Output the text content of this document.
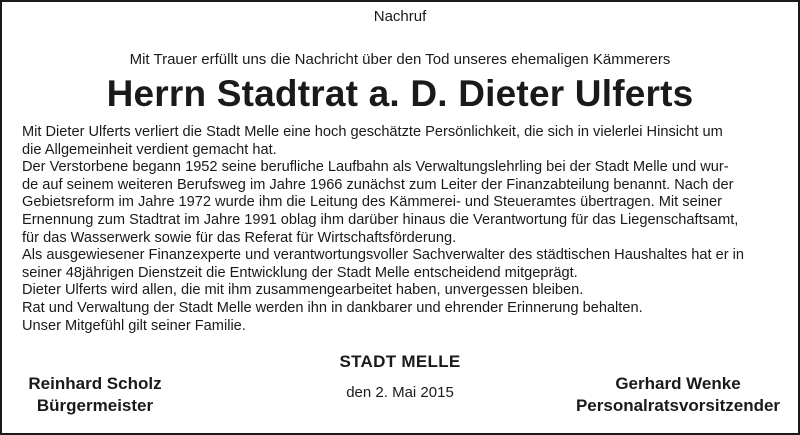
Nachruf
Mit Trauer erfüllt uns die Nachricht über den Tod unseres ehemaligen Kämmerers
Herrn Stadtrat a. D. Dieter Ulferts
Mit Dieter Ulferts verliert die Stadt Melle eine hoch geschätzte Persönlichkeit, die sich in vielerlei Hinsicht um
die Allgemeinheit verdient gemacht hat.
Der Verstorbene begann 1952 seine berufliche Laufbahn als Verwaltungslehrling bei der Stadt Melle und wur-
de auf seinem weiteren Berufsweg im Jahre 1966 zunächst zum Leiter der Finanzabteilung benannt. Nach der
Gebietsreform im Jahre 1972 wurde ihm die Leitung des Kämmerei- und Steueramtes übertragen. Mit seiner
Ernennung zum Stadtrat im Jahre 1991 oblag ihm darüber hinaus die Verantwortung für das Liegenschaftsamt,
für das Wasserwerk sowie für das Referat für Wirtschaftsförderung.
Als ausgewiesener Finanzexperte und verantwortungsvoller Sachverwalter des städtischen Haushaltes hat er in
seiner 48jährigen Dienstzeit die Entwicklung der Stadt Melle entscheidend mitgeprägt.
Dieter Ulferts wird allen, die mit ihm zusammengearbeitet haben, unvergessen bleiben.
Rat und Verwaltung der Stadt Melle werden ihn in dankbarer und ehrender Erinnerung behalten.
Unser Mitgefühl gilt seiner Familie.
STADT MELLE
den 2. Mai 2015
Reinhard Scholz
Bürgermeister
Gerhard Wenke
Personalratsvorsitzender
